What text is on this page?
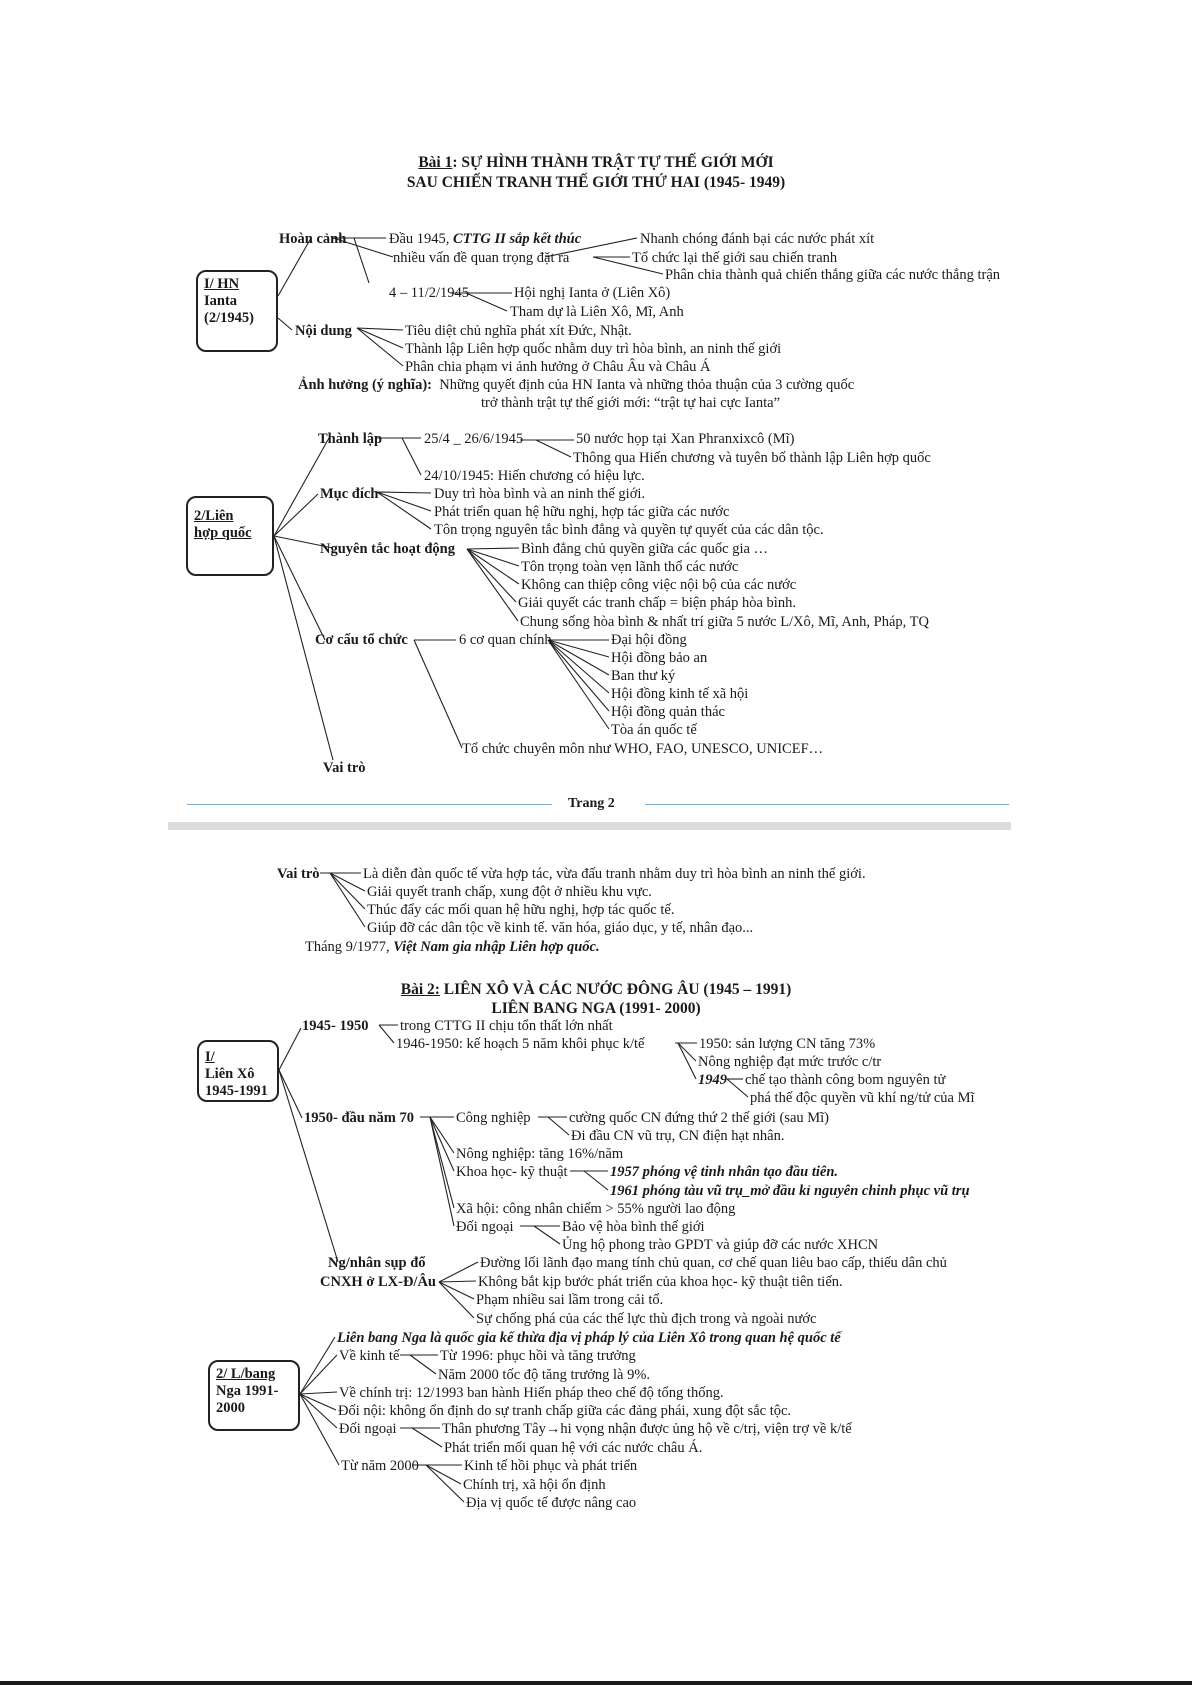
Bài 1: SỰ HÌNH THÀNH TRẬT TỰ THẾ GIỚI MỚI
SAU CHIẾN TRANH THẾ GIỚI THỨ HAI (1945- 1949)
I/ HN
Ianta
(2/1945)
Hoàn cảnh	Đầu 1945, CTTG II sắp kết thúc
nhiều vấn đề quan trọng đặt ra
Nhanh chóng đánh bại các nước phát xít
Tổ chức lại thế giới sau chiến tranh
Phân chia thành quả chiến thắng giữa các nước thắng trận
4 – 11/2/1945	Hội nghị Ianta ở (Liên Xô)
Tham dự là Liên Xô, Mĩ, Anh
Nội dung	Tiêu diệt chủ nghĩa phát xít Đức, Nhật.
Thành lập Liên hợp quốc nhằm duy trì hòa bình, an ninh thế giới
Phân chia phạm vi ảnh hưởng ở Châu Âu và Châu Á
Ảnh hưởng (ý nghĩa): Những quyết định của HN Ianta và những thỏa thuận của 3 cường quốc
trở thành trật tự thế giới mới: “trật tự hai cực Ianta”
2/Liên
hợp quốc
Thành lập	25/4 _ 26/6/1945	50 nước họp tại Xan Phranxixcô (Mĩ)
Thông qua Hiến chương và tuyên bố thành lập Liên hợp quốc
24/10/1945: Hiến chương có hiệu lực.
Mục đích	Duy trì hòa bình và an ninh thế giới.
Phát triển quan hệ hữu nghị, hợp tác giữa các nước
Tôn trọng nguyên tắc bình đẳng và quyền tự quyết của các dân tộc.
Nguyên tắc hoạt động	Bình đẳng chủ quyền giữa các quốc gia …
Tôn trọng toàn vẹn lãnh thổ các nước
Không can thiệp công việc nội bộ của các nước
Giải quyết các tranh chấp = biện pháp hòa bình.
Chung sống hòa bình & nhất trí giữa 5 nước L/Xô, Mĩ, Anh, Pháp, TQ
Cơ cấu tổ chức	6 cơ quan chính	Đại hội đồng
Hội đồng bảo an
Ban thư ký
Hội đồng kinh tế xã hội
Hội đồng quản thác
Tòa án quốc tế
Tổ chức chuyên môn như WHO, FAO, UNESCO, UNICEF…
Vai trò
Trang 2
Vai trò	Là diễn đàn quốc tế vừa hợp tác, vừa đấu tranh nhằm duy trì hòa bình an ninh thế giới.
Giải quyết tranh chấp, xung đột ở nhiều khu vực.
Thúc đẩy các mối quan hệ hữu nghị, hợp tác quốc tế.
Giúp đỡ các dân tộc về kinh tế. văn hóa, giáo dục, y tế, nhân đạo...
Tháng 9/1977, Việt Nam gia nhập Liên hợp quốc.
Bài 2: LIÊN XÔ VÀ CÁC NƯỚC ĐÔNG ÂU (1945 – 1991)
LIÊN BANG NGA (1991- 2000)
I/
Liên Xô
1945-1991
1945- 1950 trong CTTG II chịu tổn thất lớn nhất
1946-1950: kế hoạch 5 năm khôi phục k/tế	1950: sản lượng CN tăng 73%
Nông nghiệp đạt mức trước c/tr
1949 chế tạo thành công bom nguyên tử
phá thế độc quyền vũ khí ng/tử của Mĩ
1950- đầu năm 70	Công nghiệp	cường quốc CN đứng thứ 2 thế giới (sau Mĩ)
Đi đầu CN vũ trụ, CN điện hạt nhân.
Nông nghiệp: tăng 16%/năm
Khoa học- kỹ thuật	1957 phóng vệ tinh nhân tạo đầu tiên.
1961 phóng tàu vũ trụ_mở đầu kỉ nguyên chinh phục vũ trụ
Xã hội: công nhân chiếm > 55% người lao động
Đối ngoại	Bảo vệ hòa bình thế giới
Ủng hộ phong trào GPDT và giúp đỡ các nước XHCN
Ng/nhân sụp đổ
CNXH ở LX-Đ/Âu
Đường lối lãnh đạo mang tính chủ quan, cơ chế quan liêu bao cấp, thiếu dân chủ
Không bắt kịp bước phát triển của khoa học- kỹ thuật tiên tiến.
Phạm nhiều sai lầm trong cải tổ.
Sự chống phá của các thế lực thù địch trong và ngoài nước
2/ L/bang
Nga 1991-
2000
Liên bang Nga là quốc gia kế thừa địa vị pháp lý của Liên Xô trong quan hệ quốc tế
Về kinh tế	Từ 1996: phục hồi và tăng trưởng
Năm 2000 tốc độ tăng trưởng là 9%.
Về chính trị: 12/1993 ban hành Hiến pháp theo chế độ tổng thống.
Đối nội: không ổn định do sự tranh chấp giữa các đảng phái, xung đột sắc tộc.
Đối ngoại	Thân phương Tây→hi vọng nhận được ủng hộ về c/trị, viện trợ về k/tế
Phát triển mối quan hệ với các nước châu Á.
Từ năm 2000	Kinh tế hồi phục và phát triển
Chính trị, xã hội ổn định
Địa vị quốc tế được nâng cao
